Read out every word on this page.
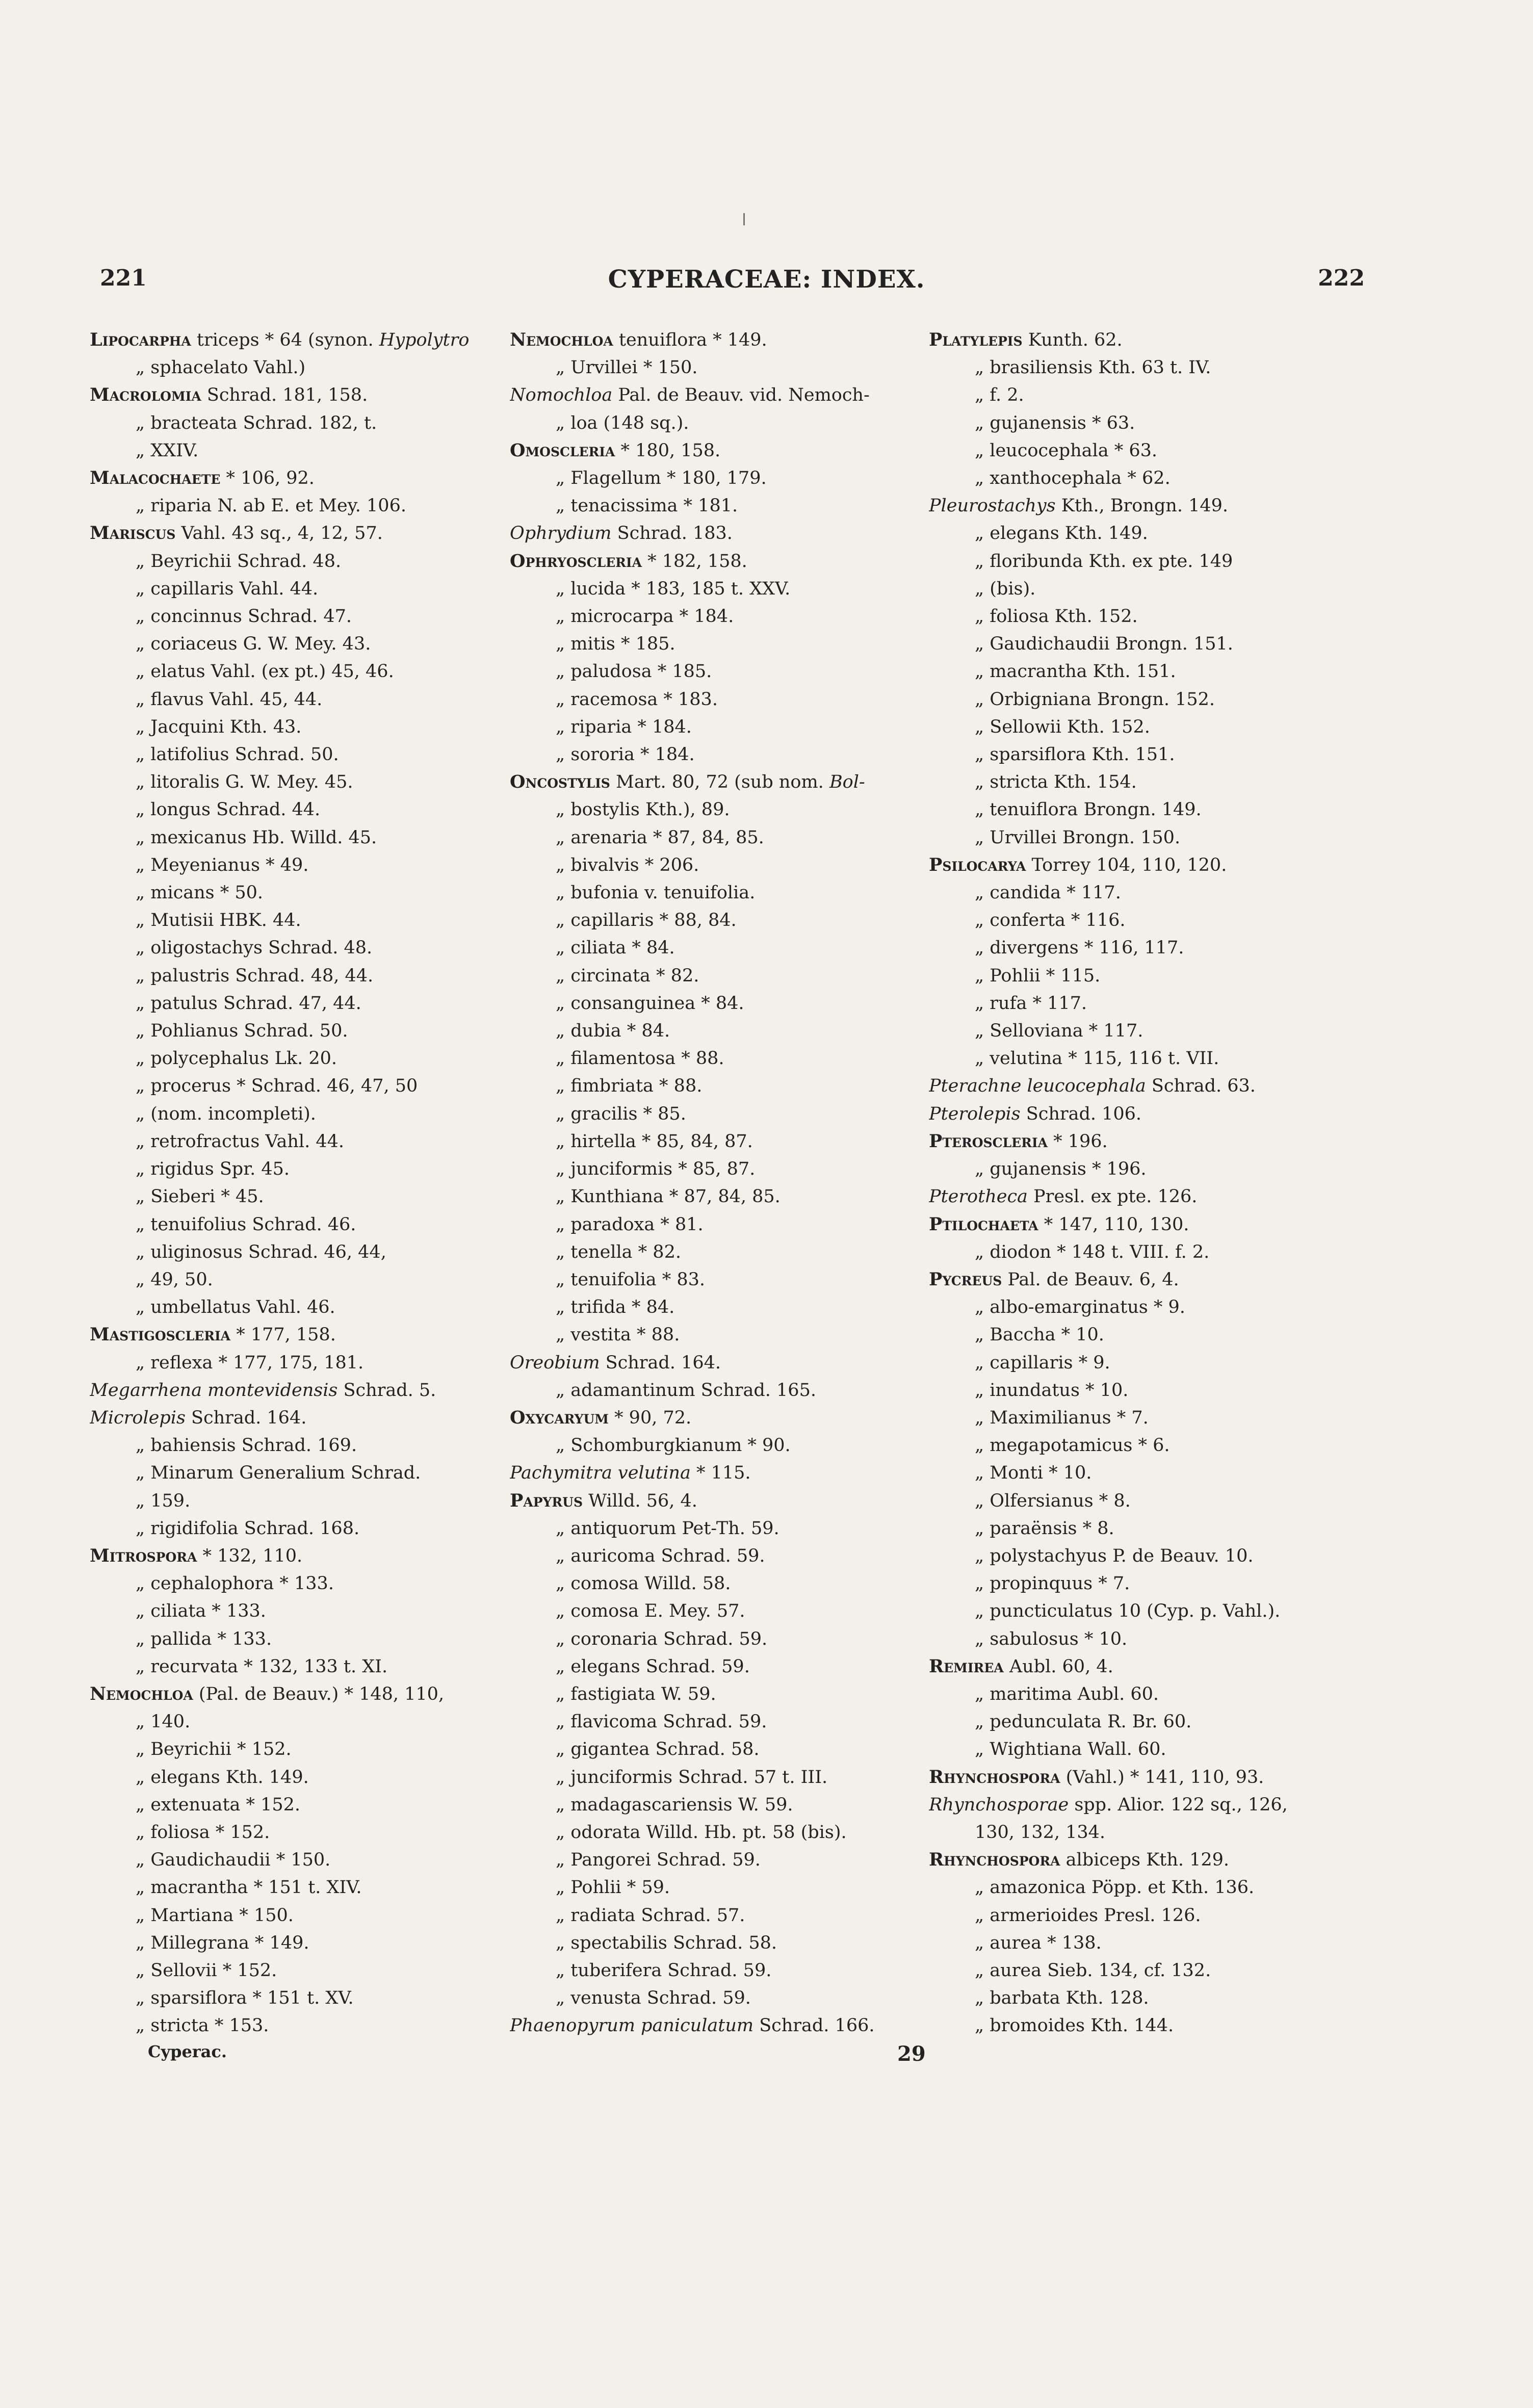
221	CYPERACEAE: INDEX.	222
Lipocarpha triceps * 64 (synon. Hypolytro
„ sphacelato Vahl.)
Macrolomia Schrad. 181, 158.
„ bracteata Schrad. 182, t.
„ XXIV.
Malacochaete * 106, 92.
„ riparia N. ab E. et Mey. 106.
Mariscus Vahl. 43 sq., 4, 12, 57.
„ Beyrichii Schrad. 48.
„ capillaris Vahl. 44.
„ concinnus Schrad. 47.
„ coriaceus G. W. Mey. 43.
„ elatus Vahl. (ex pt.) 45, 46.
„ flavus Vahl. 45, 44.
„ Jacquini Kth. 43.
„ latifolius Schrad. 50.
„ litoralis G. W. Mey. 45.
„ longus Schrad. 44.
„ mexicanus Hb. Willd. 45.
„ Meyenianus * 49.
„ micans * 50.
„ Mutisii HBK. 44.
„ oligostachys Schrad. 48.
„ palustris Schrad. 48, 44.
„ patulus Schrad. 47, 44.
„ Pohlianus Schrad. 50.
„ polycephalus Lk. 20.
„ procerus * Schrad. 46, 47, 50
„ (nom. incompleti).
„ retrofractus Vahl. 44.
„ rigidus Spr. 45.
„ Sieberi * 45.
„ tenuifolius Schrad. 46.
„ uliginosus Schrad. 46, 44,
„ 49, 50.
„ umbellatus Vahl. 46.
Mastigoscleria * 177, 158.
„ reflexa * 177, 175, 181.
Megarrhena montevidensis Schrad. 5.
Microlepis Schrad. 164.
„ bahiensis Schrad. 169.
„ Minarum Generalium Schrad.
„ 159.
„ rigidifolia Schrad. 168.
Mitrospora * 132, 110.
„ cephalophora * 133.
„ ciliata * 133.
„ pallida * 133.
„ recurvata * 132, 133 t. XI.
Nemochloa (Pal. de Beauv.) * 148, 110,
„ 140.
„ Beyrichii * 152.
„ elegans Kth. 149.
„ extenuata * 152.
„ foliosa * 152.
„ Gaudichaudii * 150.
„ macrantha * 151 t. XIV.
„ Martiana * 150.
„ Millegrana * 149.
„ Sellovii * 152.
„ sparsiflora * 151 t. XV.
„ stricta * 153.
Nemochloa tenuiflora * 149.
„ Urvillei * 150.
Nomochloa Pal. de Beauv. vid. Nemoch-
„ loa (148 sq.).
Omoscleria * 180, 158.
„ Flagellum * 180, 179.
„ tenacissima * 181.
Ophrydium Schrad. 183.
Ophryoscleria * 182, 158.
„ lucida * 183, 185 t. XXV.
„ microcarpa * 184.
„ mitis * 185.
„ paludosa * 185.
„ racemosa * 183.
„ riparia * 184.
„ sororia * 184.
Oncostylis Mart. 80, 72 (sub nom. Bol-
„ bostylis Kth.), 89.
„ arenaria * 87, 84, 85.
„ bivalvis * 206.
„ bufonia v. tenuifolia.
„ capillaris * 88, 84.
„ ciliata * 84.
„ circinata * 82.
„ consanguinea * 84.
„ dubia * 84.
„ filamentosa * 88.
„ fimbriata * 88.
„ gracilis * 85.
„ hirtella * 85, 84, 87.
„ junciformis * 85, 87.
„ Kunthiana * 87, 84, 85.
„ paradoxa * 81.
„ tenella * 82.
„ tenuifolia * 83.
„ trifida * 84.
„ vestita * 88.
Oreobium Schrad. 164.
„ adamantinum Schrad. 165.
Oxycaryum * 90, 72.
„ Schomburgkianum * 90.
Pachymitra velutina * 115.
Papyrus Willd. 56, 4.
„ antiquorum Pet-Th. 59.
„ auricoma Schrad. 59.
„ comosa Willd. 58.
„ comosa E. Mey. 57.
„ coronaria Schrad. 59.
„ elegans Schrad. 59.
„ fastigiata W. 59.
„ flavicoma Schrad. 59.
„ gigantea Schrad. 58.
„ junciformis Schrad. 57 t. III.
„ madagascariensis W. 59.
„ odorata Willd. Hb. pt. 58 (bis).
„ Pangorei Schrad. 59.
„ Pohlii * 59.
„ radiata Schrad. 57.
„ spectabilis Schrad. 58.
„ tuberifera Schrad. 59.
„ venusta Schrad. 59.
Phaenopyrum paniculatum Schrad. 166.
Platylepis Kunth. 62.
„ brasiliensis Kth. 63 t. IV.
„ f. 2.
„ gujanensis * 63.
„ leucocephala * 63.
„ xanthocephala * 62.
Pleurostachys Kth., Brongn. 149.
„ elegans Kth. 149.
„ floribunda Kth. ex pte. 149
„ (bis).
„ foliosa Kth. 152.
„ Gaudichaudii Brongn. 151.
„ macrantha Kth. 151.
„ Orbigniana Brongn. 152.
„ Sellowii Kth. 152.
„ sparsiflora Kth. 151.
„ stricta Kth. 154.
„ tenuiflora Brongn. 149.
„ Urvillei Brongn. 150.
Psilocarya Torrey 104, 110, 120.
„ candida * 117.
„ conferta * 116.
„ divergens * 116, 117.
„ Pohlii * 115.
„ rufa * 117.
„ Selloviana * 117.
„ velutina * 115, 116 t. VII.
Pterachne leucocephala Schrad. 63.
Pterolepis Schrad. 106.
Pteroscleria * 196.
„ gujanensis * 196.
Pterotheca Presl. ex pte. 126.
Ptilochaeta * 147, 110, 130.
„ diodon * 148 t. VIII. f. 2.
Pycreus Pal. de Beauv. 6, 4.
„ albo-emarginatus * 9.
„ Baccha * 10.
„ capillaris * 9.
„ inundatus * 10.
„ Maximilianus * 7.
„ megapotamicus * 6.
„ Monti * 10.
„ Olfersianus * 8.
„ paraënsis * 8.
„ polystachyus P. de Beauv. 10.
„ propinquus * 7.
„ puncticulatus 10 (Cyp. p. Vahl.).
„ sabulosus * 10.
Remirea Aubl. 60, 4.
„ maritima Aubl. 60.
„ pedunculata R. Br. 60.
„ Wightiana Wall. 60.
Rhynchospora (Vahl.) * 141, 110, 93.
Rhynchosporae spp. Alior. 122 sq., 126,
130, 132, 134.
Rhynchospora albiceps Kth. 129.
„ amazonica Pöpp. et Kth. 136.
„ armerioides Presl. 126.
„ aurea * 138.
„ aurea Sieb. 134, cf. 132.
„ barbata Kth. 128.
„ bromoides Kth. 144.
Cyperac.	29
